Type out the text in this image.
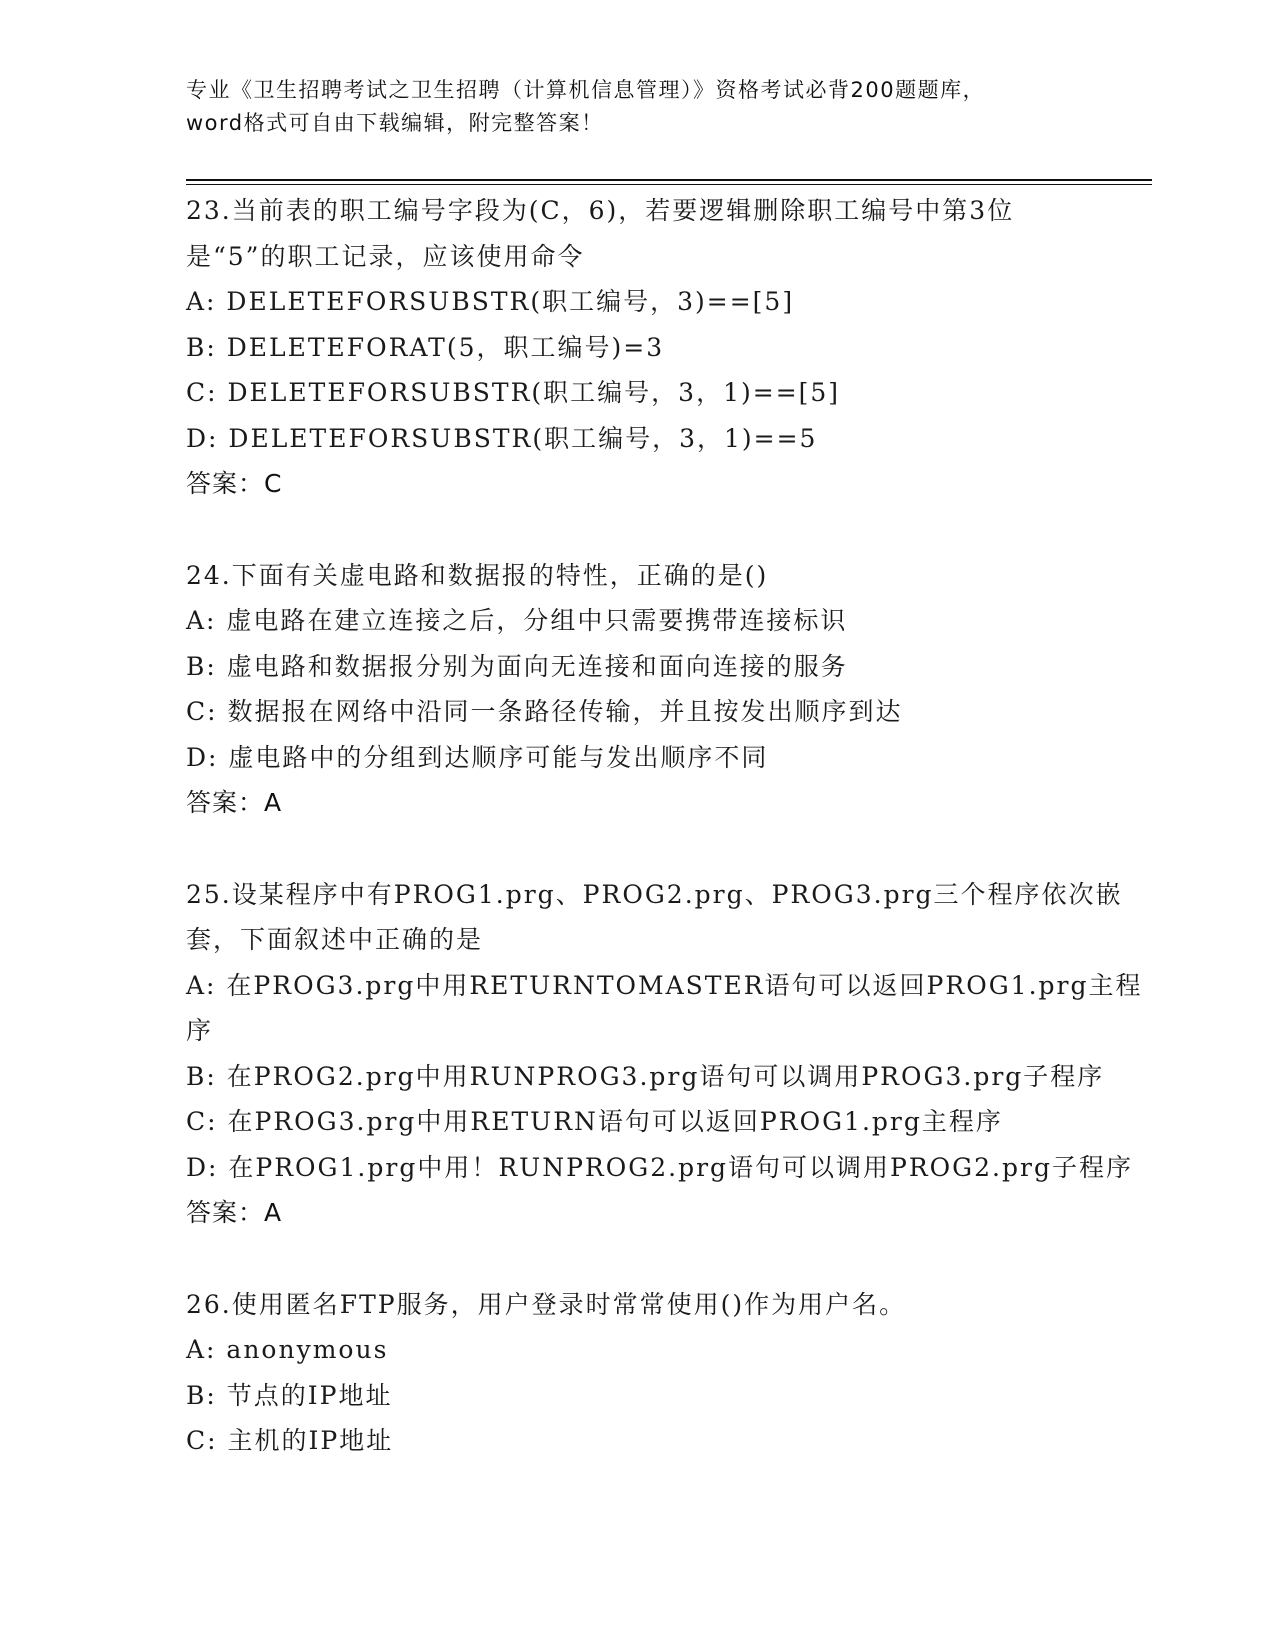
专业《卫生招聘考试之卫生招聘（计算机信息管理）》资格考试必背200题题库，
word格式可自由下载编辑，附完整答案！
23.当前表的职工编号字段为(C，6)，若要逻辑删除职工编号中第3位
是“5”的职工记录，应该使用命令
A: DELETEFORSUBSTR(职工编号，3)==[5]
B: DELETEFORAT(5，职工编号)=3
C: DELETEFORSUBSTR(职工编号，3，1)==[5]
D: DELETEFORSUBSTR(职工编号，3，1)==5
答案：C
24.下面有关虚电路和数据报的特性，正确的是()
A: 虚电路在建立连接之后，分组中只需要携带连接标识
B: 虚电路和数据报分别为面向无连接和面向连接的服务
C: 数据报在网络中沿同一条路径传输，并且按发出顺序到达
D: 虚电路中的分组到达顺序可能与发出顺序不同
答案：A
25.设某程序中有PROG1.prg、PROG2.prg、PROG3.prg三个程序依次嵌
套，下面叙述中正确的是
A: 在PROG3.prg中用RETURNTOMASTER语句可以返回PROG1.prg主程
序
B: 在PROG2.prg中用RUNPROG3.prg语句可以调用PROG3.prg子程序
C: 在PROG3.prg中用RETURN语句可以返回PROG1.prg主程序
D: 在PROG1.prg中用！RUNPROG2.prg语句可以调用PROG2.prg子程序
答案：A
26.使用匿名FTP服务，用户登录时常常使用()作为用户名。
A: anonymous
B: 节点的IP地址
C: 主机的IP地址
